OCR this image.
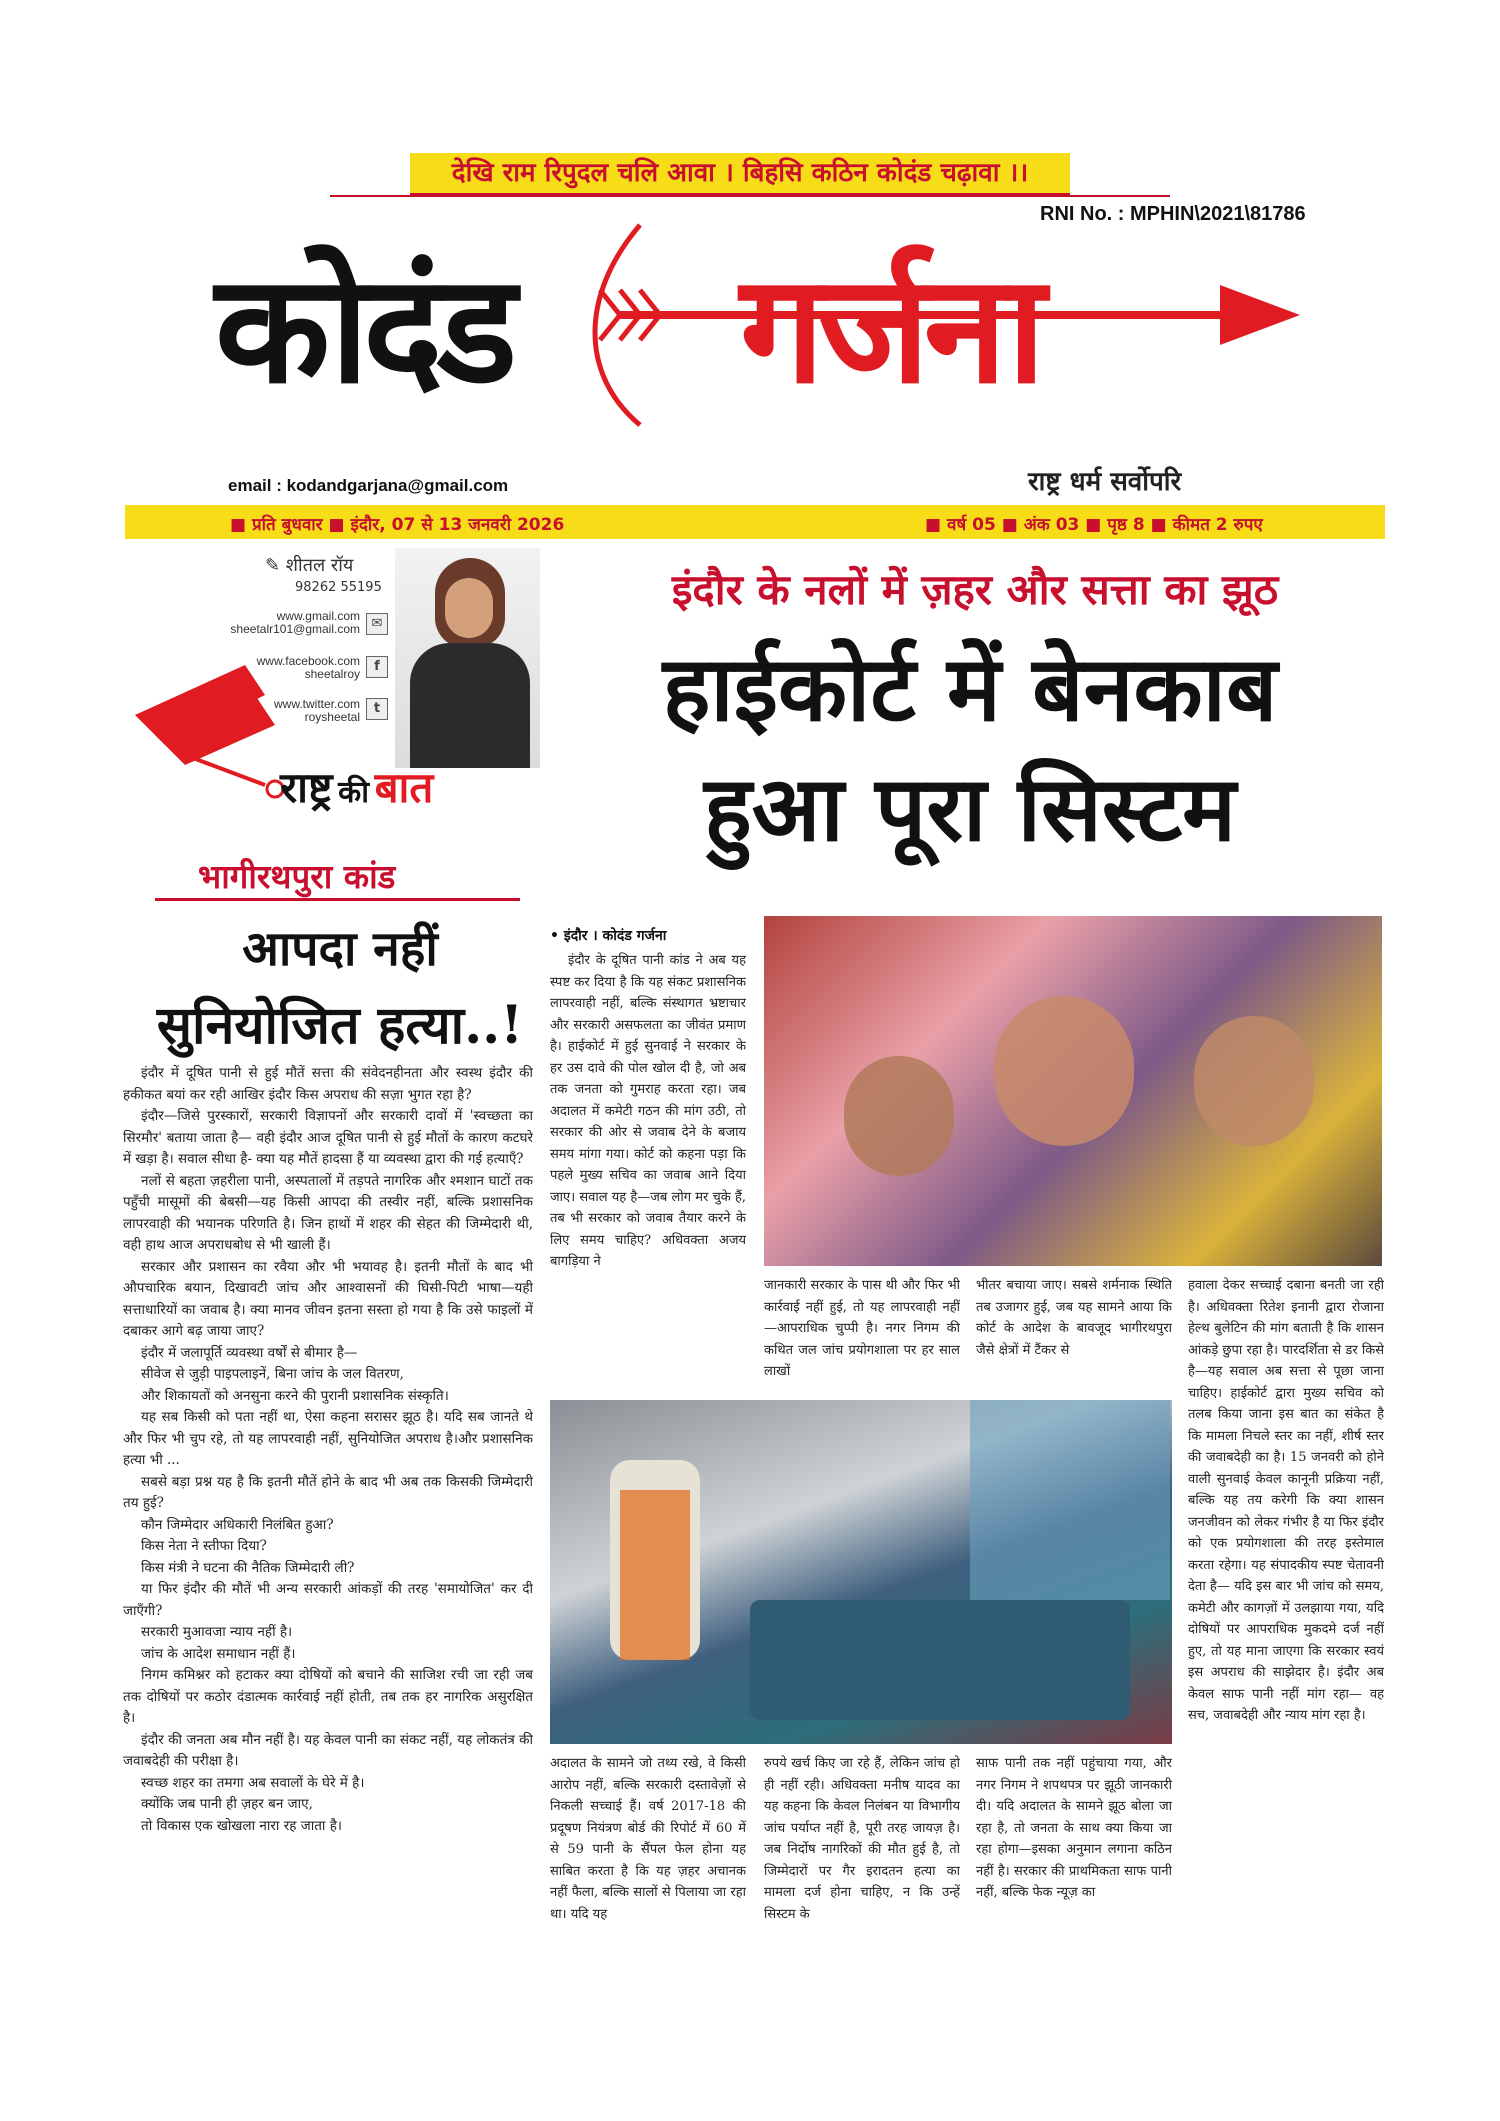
देखि राम रिपुदल चलि आवा । बिहसि कठिन कोदंड चढ़ावा ।।
RNI No. : MPHIN\2021\81786
कोदंड गर्जना
email : kodandgarjana@gmail.com	राष्ट्र धर्म सर्वोपरि
■ प्रति बुधवार ■ इंदौर, 07 से 13 जनवरी 2026	■ वर्ष 05 ■ अंक 03 ■ पृष्ठ 8 ■ कीमत 2 रुपए
✎ शीतल रॉय
98262 55195
www.gmail.com
sheetalr101@gmail.com ✉
www.facebook.com
sheetalroy	f
www.twitter.com
roysheetal
t
राष्ट्र की बात
भागीरथपुरा कांड
आपदा नहीं
सुनियोजित हत्या..!

इंदौर में दूषित पानी से हुई मौतें सत्ता की संवेदनहीनता और स्वस्थ इंदौर की हकीकत बयां कर रही आखिर इंदौर किस अपराध की सज़ा भुगत रहा है?

इंदौर—जिसे पुरस्कारों, सरकारी विज्ञापनों और सरकारी दावों में 'स्वच्छता का सिरमौर' बताया जाता है— वही इंदौर आज दूषित पानी से हुई मौतों के कारण कटघरे में खड़ा है। सवाल सीधा है- क्या यह मौतें हादसा हैं या व्यवस्था द्वारा की गई हत्याएँ?

नलों से बहता ज़हरीला पानी, अस्पतालों में तड़पते नागरिक और श्मशान घाटों तक पहुँची मासूमों की बेबसी—यह किसी आपदा की तस्वीर नहीं, बल्कि प्रशासनिक लापरवाही की भयानक परिणति है। जिन हाथों में शहर की सेहत की जिम्मेदारी थी, वही हाथ आज अपराधबोध से भी खाली हैं।

सरकार और प्रशासन का रवैया और भी भयावह है। इतनी मौतों के बाद भी औपचारिक बयान, दिखावटी जांच और आश्वासनों की घिसी-पिटी भाषा—यही सत्ताधारियों का जवाब है। क्या मानव जीवन इतना सस्ता हो गया है कि उसे फाइलों में दबाकर आगे बढ़ जाया जाए?

इंदौर में जलापूर्ति व्यवस्था वर्षों से बीमार है—

सीवेज से जुड़ी पाइपलाइनें, बिना जांच के जल वितरण,

और शिकायतों को अनसुना करने की पुरानी प्रशासनिक संस्कृति।

यह सब किसी को पता नहीं था, ऐसा कहना सरासर झूठ है। यदि सब जानते थे और फिर भी चुप रहे, तो यह लापरवाही नहीं, सुनियोजित अपराध है।और प्रशासनिक हत्या भी ...

सबसे बड़ा प्रश्न यह है कि इतनी मौतें होने के बाद भी अब तक किसकी जिम्मेदारी तय हुई?

कौन जिम्मेदार अधिकारी निलंबित हुआ?

किस नेता ने स्तीफा दिया?

किस मंत्री ने घटना की नैतिक जिम्मेदारी ली?

या फिर इंदौर की मौतें भी अन्य सरकारी आंकड़ों की तरह 'समायोजित' कर दी जाएँगी?

सरकारी मुआवजा न्याय नहीं है।

जांच के आदेश समाधान नहीं हैं।

निगम कमिश्नर को हटाकर क्या दोषियों को बचाने की साजिश रची जा रही जब तक दोषियों पर कठोर दंडात्मक कार्रवाई नहीं होती, तब तक हर नागरिक असुरक्षित है।

इंदौर की जनता अब मौन नहीं है। यह केवल पानी का संकट नहीं, यह लोकतंत्र की जवाबदेही की परीक्षा है।

स्वच्छ शहर का तमगा अब सवालों के घेरे में है।

क्योंकि जब पानी ही ज़हर बन जाए,

तो विकास एक खोखला नारा रह जाता है।

इंदौर के नलों में ज़हर और सत्ता का झूठ
हाईकोर्ट में बेनकाब
हुआ पूरा सिस्टम
• इंदौर । कोदंड गर्जना
इंदौर के दूषित पानी कांड ने अब यह स्पष्ट कर दिया है कि यह संकट प्रशासनिक लापरवाही नहीं, बल्कि संस्थागत भ्रष्टाचार और सरकारी असफलता का जीवंत प्रमाण है। हाईकोर्ट में हुई सुनवाई ने सरकार के हर उस दावे की पोल खोल दी है, जो अब तक जनता को गुमराह करता रहा। जब अदालत में कमेटी गठन की मांग उठी, तो सरकार की ओर से जवाब देने के बजाय समय मांगा गया। कोर्ट को कहना पड़ा कि पहले मुख्य सचिव का जवाब आने दिया जाए। सवाल यह है—जब लोग मर चुके हैं, तब भी सरकार को जवाब तैयार करने के लिए समय चाहिए? अधिवक्ता अजय बागड़िया ने
जानकारी सरकार के पास थी और फिर भी कार्रवाई नहीं हुई, तो यह लापरवाही नहीं—आपराधिक चुप्पी है। नगर निगम की कथित जल जांच प्रयोगशाला पर हर साल लाखों
भीतर बचाया जाए। सबसे शर्मनाक स्थिति तब उजागर हुई, जब यह सामने आया कि कोर्ट के आदेश के बावजूद भागीरथपुरा जैसे क्षेत्रों में टैंकर से
हवाला देकर सच्चाई दबाना बनती जा रही है। अधिवक्ता रितेश इनानी द्वारा रोजाना हेल्थ बुलेटिन की मांग बताती है कि शासन आंकड़े छुपा रहा है। पारदर्शिता से डर किसे है—यह सवाल अब सत्ता से पूछा जाना चाहिए। हाईकोर्ट द्वारा मुख्य सचिव को तलब किया जाना इस बात का संकेत है कि मामला निचले स्तर का नहीं, शीर्ष स्तर की जवाबदेही का है। 15 जनवरी को होने वाली सुनवाई केवल कानूनी प्रक्रिया नहीं, बल्कि यह तय करेगी कि क्या शासन जनजीवन को लेकर गंभीर है या फिर इंदौर को एक प्रयोगशाला की तरह इस्तेमाल करता रहेगा। यह संपादकीय स्पष्ट चेतावनी देता है— यदि इस बार भी जांच को समय, कमेटी और कागज़ों में उलझाया गया, यदि दोषियों पर आपराधिक मुकदमे दर्ज नहीं हुए, तो यह माना जाएगा कि सरकार स्वयं इस अपराध की साझेदार है। इंदौर अब केवल साफ पानी नहीं मांग रहा— वह सच, जवाबदेही और न्याय मांग रहा है।
अदालत के सामने जो तथ्य रखे, वे किसी आरोप नहीं, बल्कि सरकारी दस्तावेज़ों से निकली सच्चाई हैं। वर्ष 2017-18 की प्रदूषण नियंत्रण बोर्ड की रिपोर्ट में 60 में से 59 पानी के सैंपल फेल होना यह साबित करता है कि यह ज़हर अचानक नहीं फैला, बल्कि सालों से पिलाया जा रहा था। यदि यह
रुपये खर्च किए जा रहे हैं, लेकिन जांच हो ही नहीं रही। अधिवक्ता मनीष यादव का यह कहना कि केवल निलंबन या विभागीय जांच पर्याप्त नहीं है, पूरी तरह जायज़ है। जब निर्दोष नागरिकों की मौत हुई है, तो जिम्मेदारों पर गैर इरादतन हत्या का मामला दर्ज होना चाहिए, न कि उन्हें सिस्टम के
साफ पानी तक नहीं पहुंचाया गया, और नगर निगम ने शपथपत्र पर झूठी जानकारी दी। यदि अदालत के सामने झूठ बोला जा रहा है, तो जनता के साथ क्या किया जा रहा होगा—इसका अनुमान लगाना कठिन नहीं है। सरकार की प्राथमिकता साफ पानी नहीं, बल्कि फेक न्यूज़ का
